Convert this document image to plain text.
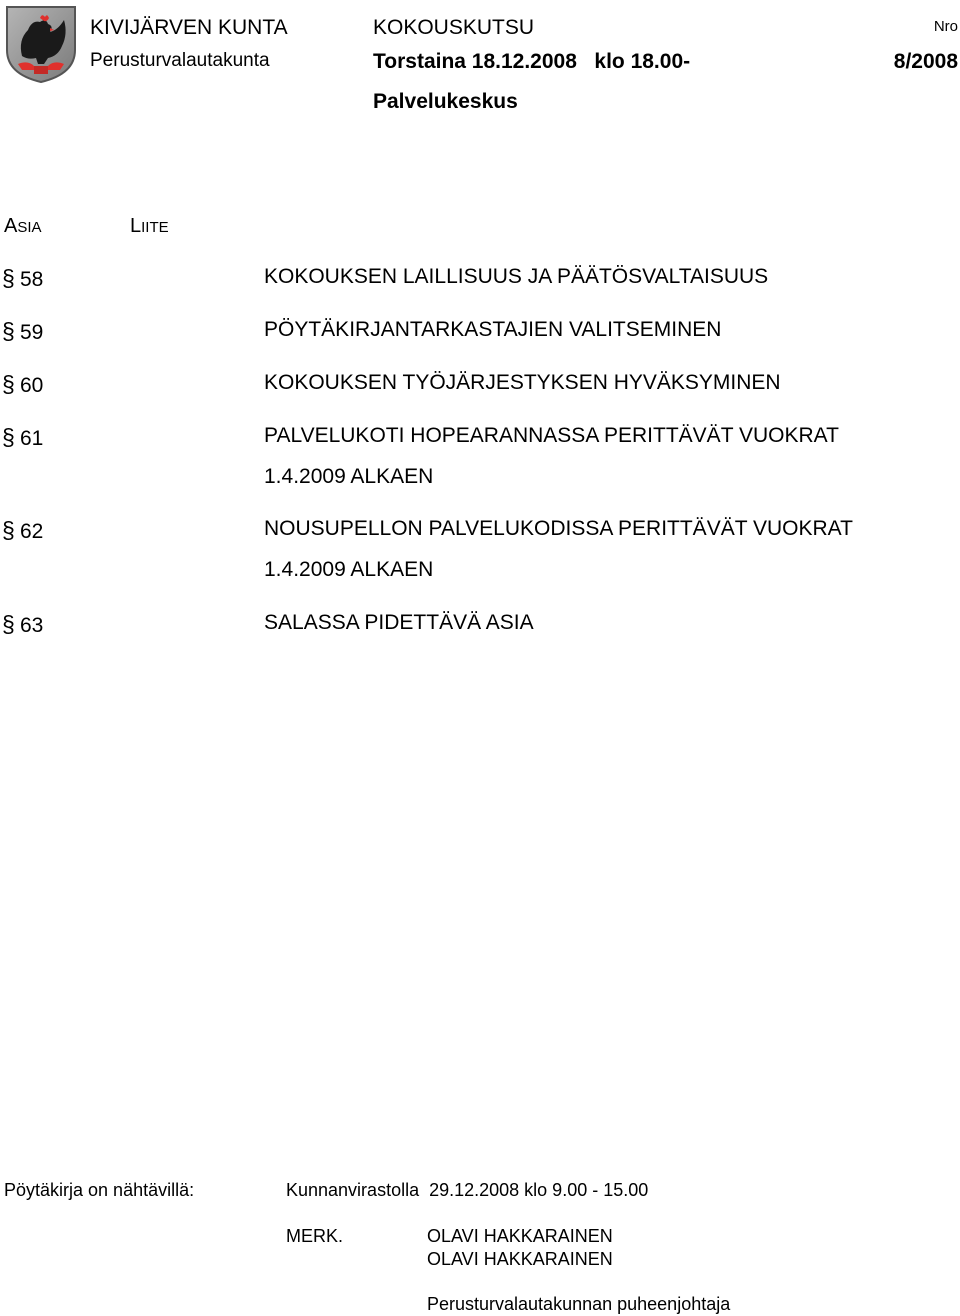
KIVIJÄRVEN KUNTA
Perusturvalautakunta
KOKOUSKUTSU
Torstaina 18.12.2008   klo 18.00-
Palvelukeskus
Nro
8/2008
ASIA	LIITE
§ 58	KOKOUKSEN LAILLISUUS JA PÄÄTÖSVALTAISUUS
§ 59	PÖYTÄKIRJANTARKASTAJIEN VALITSEMINEN
§ 60	KOKOUKSEN TYÖJÄRJESTYKSEN HYVÄKSYMINEN
§ 61	PALVELUKOTI HOPEARANNASSA PERITTÄVÄT VUOKRAT
1.4.2009 ALKAEN
§ 62	NOUSUPELLON PALVELUKODISSA PERITTÄVÄT VUOKRAT
1.4.2009 ALKAEN
§ 63	SALASSA PIDETTÄVÄ ASIA
Pöytäkirja on nähtävillä:	Kunnanvirastolla  29.12.2008 klo 9.00 - 15.00
MERK.	OLAVI HAKKARAINEN
OLAVI HAKKARAINEN
Perusturvalautakunnan puheenjohtaja
